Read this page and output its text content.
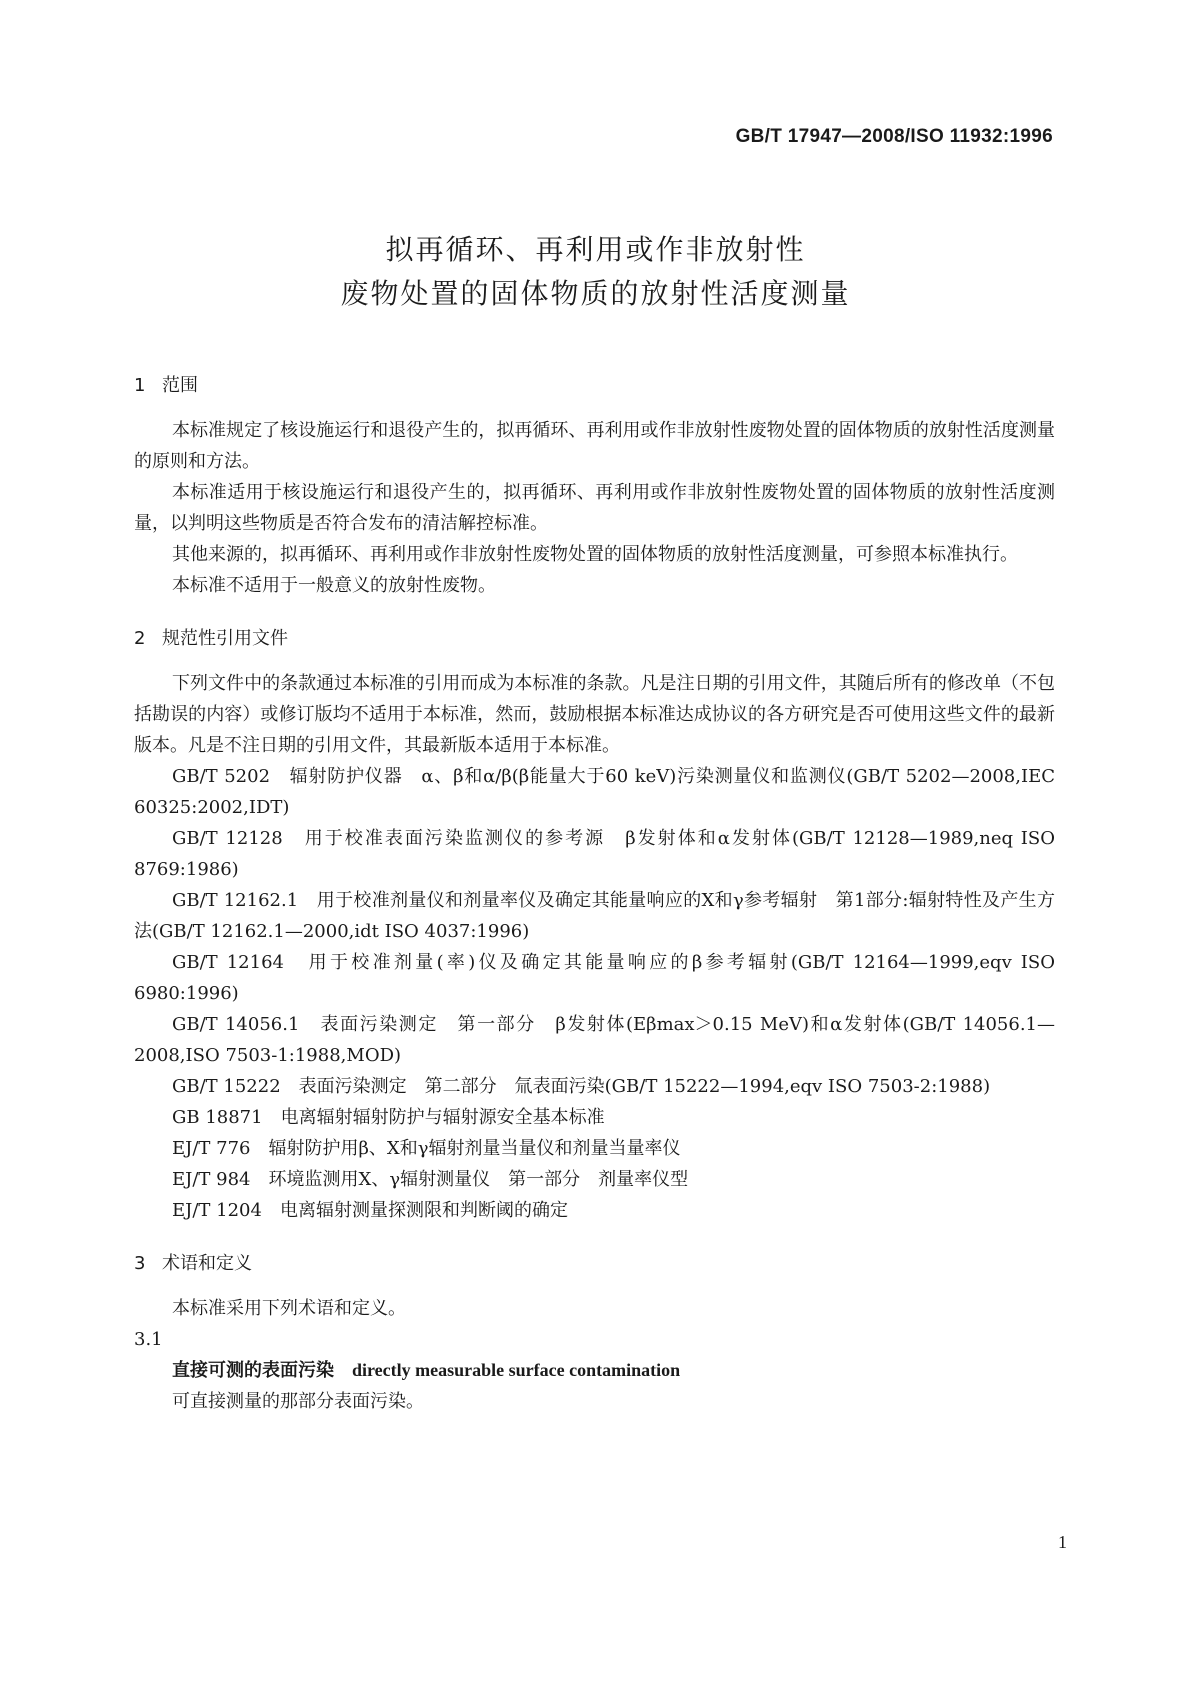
GB/T 17947—2008/ISO 11932:1996
拟再循环、再利用或作非放射性
废物处置的固体物质的放射性活度测量
1 范围

本标准规定了核设施运行和退役产生的，拟再循环、再利用或作非放射性废物处置的固体物质的放射性活度测量的原则和方法。

本标准适用于核设施运行和退役产生的，拟再循环、再利用或作非放射性废物处置的固体物质的放射性活度测量，以判明这些物质是否符合发布的清洁解控标准。

其他来源的，拟再循环、再利用或作非放射性废物处置的固体物质的放射性活度测量，可参照本标准执行。

本标准不适用于一般意义的放射性废物。

2 规范性引用文件

下列文件中的条款通过本标准的引用而成为本标准的条款。凡是注日期的引用文件，其随后所有的修改单（不包括勘误的内容）或修订版均不适用于本标准，然而，鼓励根据本标准达成协议的各方研究是否可使用这些文件的最新版本。凡是不注日期的引用文件，其最新版本适用于本标准。

GB/T 5202　辐射防护仪器　α、β和α/β(β能量大于60 keV)污染测量仪和监测仪(GB/T 5202—2008,IEC 60325:2002,IDT)

GB/T 12128　用于校准表面污染监测仪的参考源　β发射体和α发射体(GB/T 12128—1989,neq ISO 8769:1986)

GB/T 12162.1　用于校准剂量仪和剂量率仪及确定其能量响应的X和γ参考辐射　第1部分:辐射特性及产生方法(GB/T 12162.1—2000,idt ISO 4037:1996)

GB/T 12164　用于校准剂量(率)仪及确定其能量响应的β参考辐射(GB/T 12164—1999,eqv ISO 6980:1996)

GB/T 14056.1　表面污染测定　第一部分　β发射体(Eβmax＞0.15 MeV)和α发射体(GB/T 14056.1—2008,ISO 7503-1:1988,MOD)

GB/T 15222　表面污染测定　第二部分　氚表面污染(GB/T 15222—1994,eqv ISO 7503-2:1988)

GB 18871　电离辐射辐射防护与辐射源安全基本标准

EJ/T 776　辐射防护用β、X和γ辐射剂量当量仪和剂量当量率仪

EJ/T 984　环境监测用X、γ辐射测量仪　第一部分　剂量率仪型

EJ/T 1204　电离辐射测量探测限和判断阈的确定

3 术语和定义

本标准采用下列术语和定义。

3.1

直接可测的表面污染 directly measurable surface contamination

可直接测量的那部分表面污染。

1
